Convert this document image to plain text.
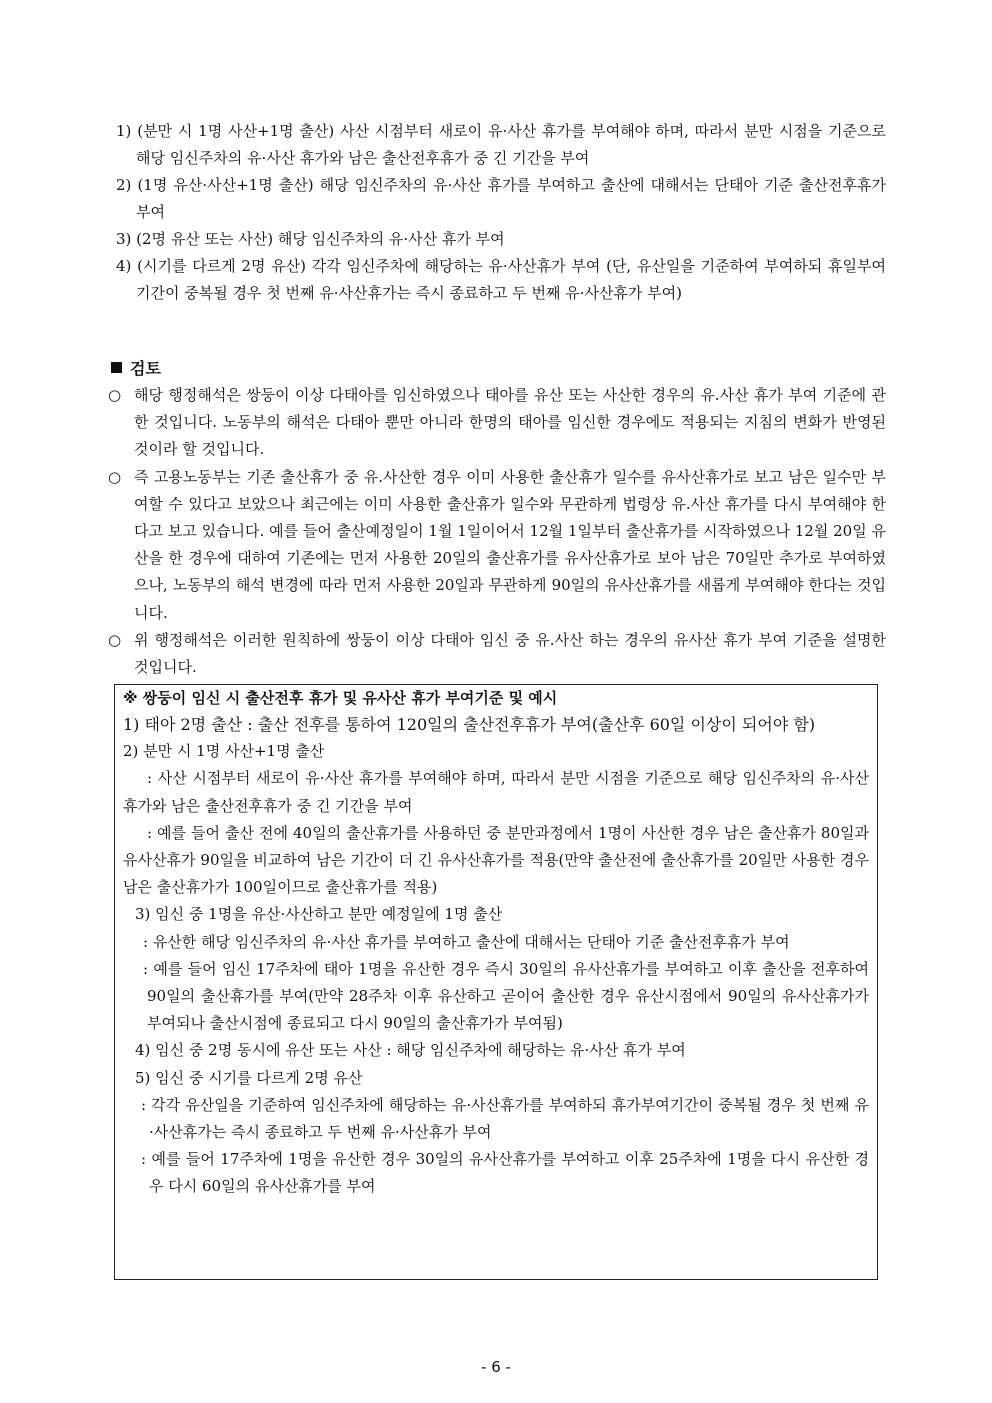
1) (분만 시 1명 사산+1명 출산) 사산 시점부터 새로이 유·사산 휴가를 부여해야 하며, 따라서 분만 시점을 기준으로 해당 임신주차의 유·사산 휴가와 남은 출산전후휴가 중 긴 기간을 부여
2) (1명 유산·사산+1명 출산) 해당 임신주차의 유·사산 휴가를 부여하고 출산에 대해서는 단태아 기준 출산전후휴가 부여
3) (2명 유산 또는 사산) 해당 임신주차의 유·사산 휴가 부여
4) (시기를 다르게 2명 유산) 각각 임신주차에 해당하는 유·사산휴가 부여 (단, 유산일을 기준하여 부여하되 휴일부여기간이 중복될 경우 첫 번째 유·사산휴가는 즉시 종료하고 두 번째 유·사산휴가 부여)
검토
○ 해당 행정해석은 쌍둥이 이상 다태아를 임신하였으나 태아를 유산 또는 사산한 경우의 유.사산 휴가 부여 기준에 관한 것입니다. 노동부의 해석은 다태아 뿐만 아니라 한명의 태아를 임신한 경우에도 적용되는 지침의 변화가 반영된 것이라 할 것입니다.
○ 즉 고용노동부는 기존 출산휴가 중 유.사산한 경우 이미 사용한 출산휴가 일수를 유사산휴가로 보고 남은 일수만 부여할 수 있다고 보았으나 최근에는 이미 사용한 출산휴가 일수와 무관하게 법령상 유.사산 휴가를 다시 부여해야 한다고 보고 있습니다. 예를 들어 출산예정일이 1월 1일이어서 12월 1일부터 출산휴가를 시작하였으나 12월 20일 유산을 한 경우에 대하여 기존에는 먼저 사용한 20일의 출산휴가를 유사산휴가로 보아 남은 70일만 추가로 부여하였으나, 노동부의 해석 변경에 따라 먼저 사용한 20일과 무관하게 90일의 유사산휴가를 새롭게 부여해야 한다는 것입니다.
○ 위 행정해석은 이러한 원칙하에 쌍둥이 이상 다태아 임신 중 유.사산 하는 경우의 유사산 휴가 부여 기준을 설명한 것입니다.
※ 쌍둥이 임신 시 출산전후 휴가 및 유사산 휴가 부여기준 및 예시
1) 태아 2명 출산 : 출산 전후를 통하여 120일의 출산전후휴가 부여(출산후 60일 이상이 되어야 함)
2) 분만 시 1명 사산+1명 출산
: 사산 시점부터 새로이 유·사산 휴가를 부여해야 하며, 따라서 분만 시점을 기준으로 해당 임신주차의 유·사산 휴가와 남은 출산전후휴가 중 긴 기간을 부여
: 예를 들어 출산 전에 40일의 출산휴가를 사용하던 중 분만과정에서 1명이 사산한 경우 남은 출산휴가 80일과 유사산휴가 90일을 비교하여 남은 기간이 더 긴 유사산휴가를 적용(만약 출산전에 출산휴가를 20일만 사용한 경우 남은 출산휴가가 100일이므로 출산휴가를 적용)
3) 임신 중 1명을 유산·사산하고 분만 예정일에 1명 출산
: 유산한 해당 임신주차의 유·사산 휴가를 부여하고 출산에 대해서는 단태아 기준 출산전후휴가 부여
: 예를 들어 임신 17주차에 태아 1명을 유산한 경우 즉시 30일의 유사산휴가를 부여하고 이후 출산을 전후하여 90일의 출산휴가를 부여(만약 28주차 이후 유산하고 곧이어 출산한 경우 유산시점에서 90일의 유사산휴가가 부여되나 출산시점에 종료되고 다시 90일의 출산휴가가 부여됨)
4) 임신 중 2명 동시에 유산 또는 사산 : 해당 임신주차에 해당하는 유·사산 휴가 부여
5) 임신 중 시기를 다르게 2명 유산
: 각각 유산일을 기준하여 임신주차에 해당하는 유·사산휴가를 부여하되 휴가부여기간이 중복될 경우 첫 번째 유·사산휴가는 즉시 종료하고 두 번째 유·사산휴가 부여
: 예를 들어 17주차에 1명을 유산한 경우 30일의 유사산휴가를 부여하고 이후 25주차에 1명을 다시 유산한 경우 다시 60일의 유사산휴가를 부여
- 6 -
